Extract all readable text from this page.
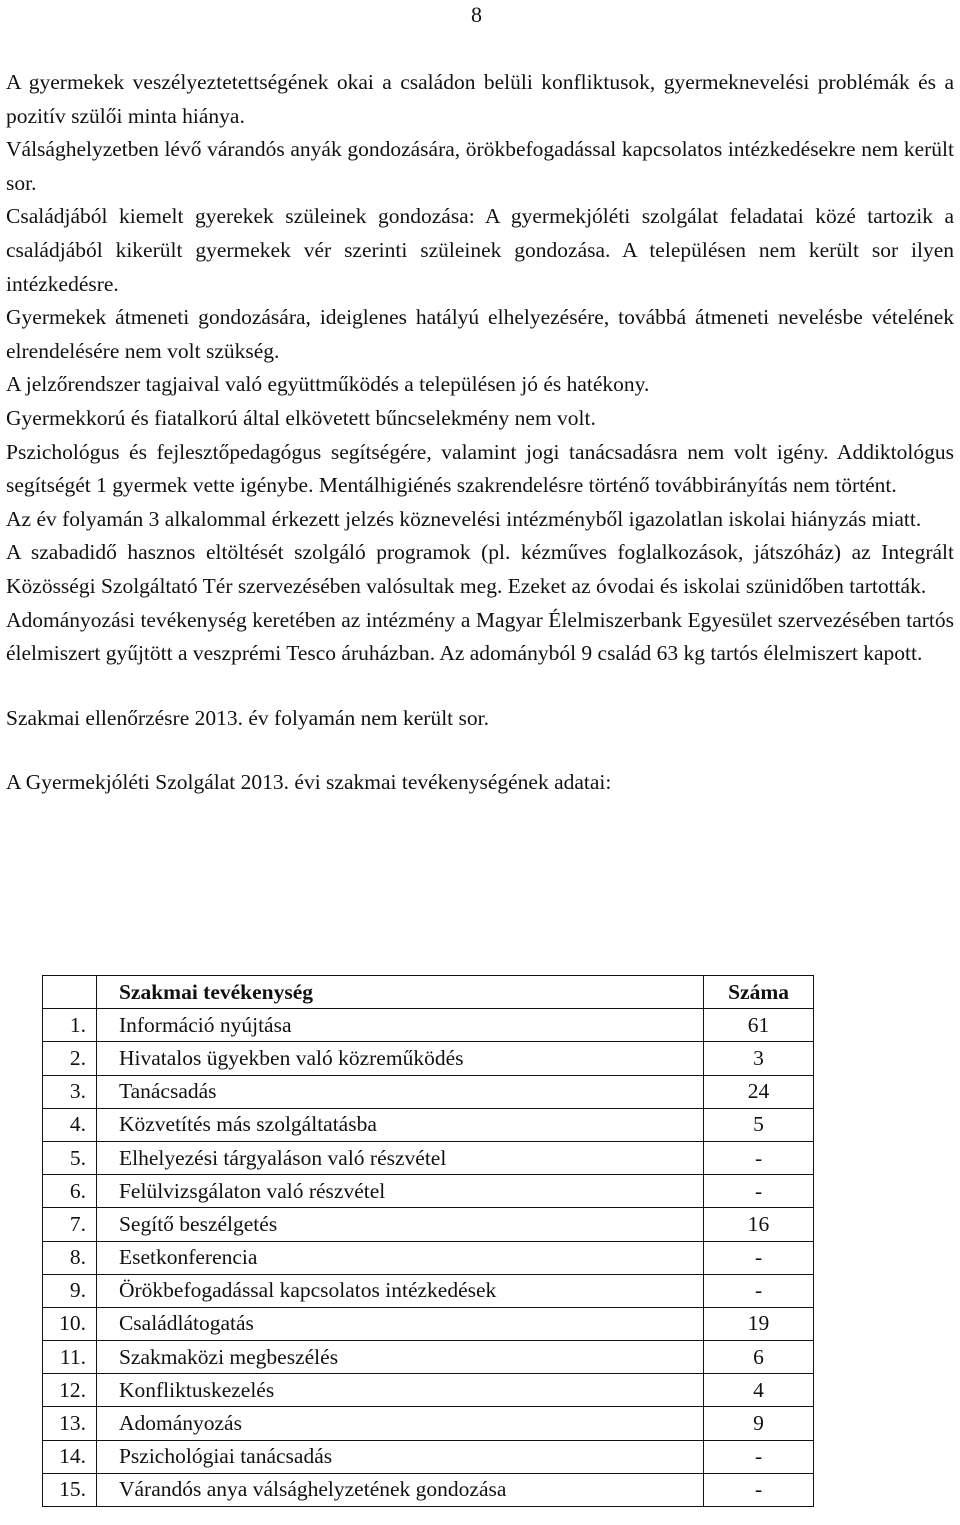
8

A gyermekek veszélyeztetettségének okai a családon belüli konfliktusok, gyermeknevelési problémák és a pozitív szülői minta hiánya.

Válsághelyzetben lévő várandós anyák gondozására, örökbefogadással kapcsolatos intézkedésekre nem került sor.

Családjából kiemelt gyerekek szüleinek gondozása: A gyermekjóléti szolgálat feladatai közé tartozik a családjából kikerült gyermekek vér szerinti szüleinek gondozása. A településen nem került sor ilyen intézkedésre.

Gyermekek átmeneti gondozására, ideiglenes hatályú elhelyezésére, továbbá átmeneti nevelésbe vételének elrendelésére nem volt szükség.

A jelzőrendszer tagjaival való együttműködés a településen jó és hatékony.

Gyermekkorú és fiatalkorú által elkövetett bűncselekmény nem volt.

Pszichológus és fejlesztőpedagógus segítségére, valamint jogi tanácsadásra nem volt igény. Addiktológus segítségét 1 gyermek vette igénybe. Mentálhigiénés szakrendelésre történő továbbirányítás nem történt.

Az év folyamán 3 alkalommal érkezett jelzés köznevelési intézményből igazolatlan iskolai hiányzás miatt.

A szabadidő hasznos eltöltését szolgáló programok (pl. kézműves foglalkozások, játszóház) az Integrált Közösségi Szolgáltató Tér szervezésében valósultak meg. Ezeket az óvodai és iskolai szünidőben tartották.

Adományozási tevékenység keretében az intézmény a Magyar Élelmiszerbank Egyesület szervezésében tartós élelmiszert gyűjtött a veszprémi Tesco áruházban. Az adományból 9 család 63 kg tartós élelmiszert kapott.

Szakmai ellenőrzésre 2013. év folyamán nem került sor.

A Gyermekjóléti Szolgálat 2013. évi szakmai tevékenységének adatai:

	Szakmai tevékenység	Száma
1.	Információ nyújtása	61
2.	Hivatalos ügyekben való közreműködés	3
3.	Tanácsadás	24
4.	Közvetítés más szolgáltatásba	5
5.	Elhelyezési tárgyaláson való részvétel	-
6.	Felülvizsgálaton való részvétel	-
7.	Segítő beszélgetés	16
8.	Esetkonferencia	-
9.	Örökbefogadással kapcsolatos intézkedések	-
10.	Családlátogatás	19
11.	Szakmaközi megbeszélés	6
12.	Konfliktuskezelés	4
13.	Adományozás	9
14.	Pszichológiai tanácsadás	-
15.	Várandós anya válsághelyzetének gondozása	-
